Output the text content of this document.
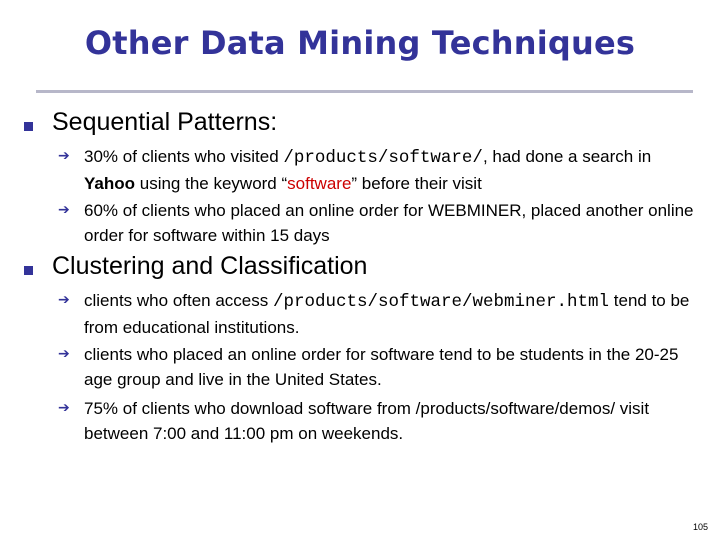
Other Data Mining Techniques
Sequential Patterns:
➔ 30% of clients who visited /products/software/, had done a search in Yahoo using the keyword “software” before their visit
➔ 60% of clients who placed an online order for WEBMINER, placed another online order for software within 15 days
Clustering and Classification
➔ clients who often access /products/software/webminer.html tend to be from educational institutions.
➔ clients who placed an online order for software tend to be students in the 20-25 age group and live in the United States.
➔ 75% of clients who download software from /products/software/demos/ visit between 7:00 and 11:00 pm on weekends.
105
